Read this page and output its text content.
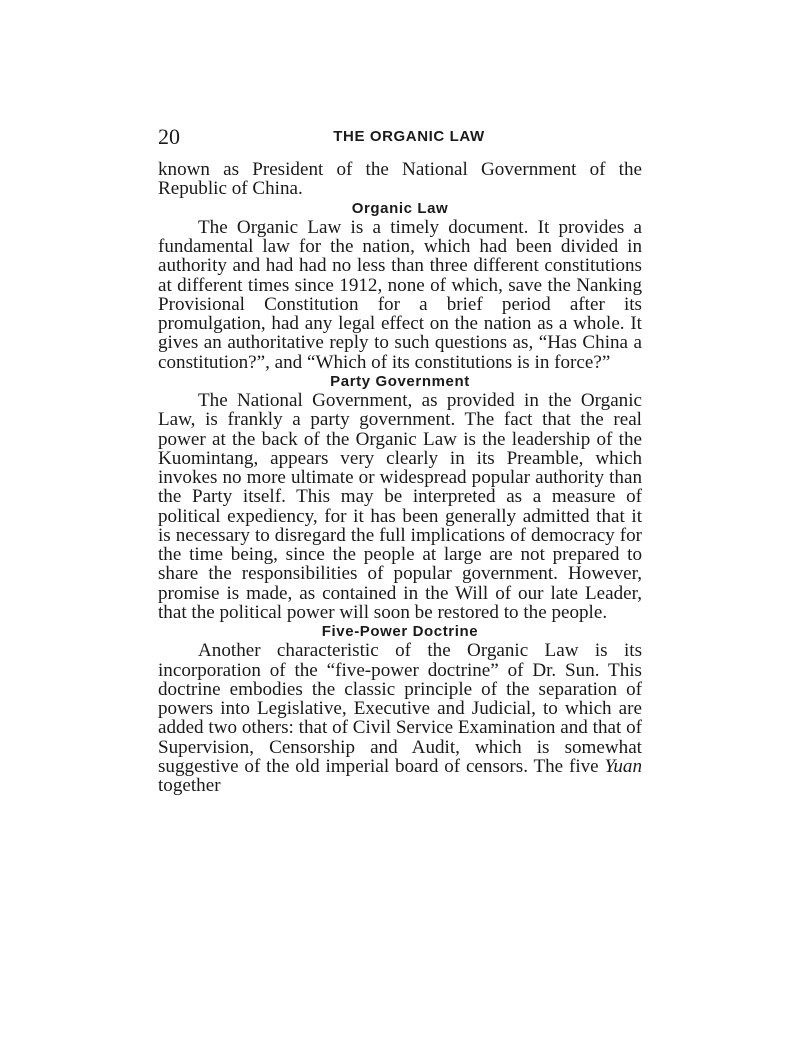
20	THE ORGANIC LAW

known as President of the National Government of the Republic of China.

Organic Law

The Organic Law is a timely document. It provides a fundamental law for the nation, which had been divided in authority and had had no less than three different constitutions at different times since 1912, none of which, save the Nanking Provisional Constitution for a brief period after its promulgation, had any legal effect on the nation as a whole. It gives an authoritative reply to such questions as, “Has China a constitution?”, and “Which of its constitutions is in force?”

Party Government

The National Government, as provided in the Organic Law, is frankly a party government. The fact that the real power at the back of the Organic Law is the leadership of the Kuomintang, appears very clearly in its Preamble, which invokes no more ultimate or widespread popular authority than the Party itself. This may be interpreted as a measure of political expediency, for it has been generally admitted that it is necessary to disregard the full implications of democracy for the time being, since the people at large are not prepared to share the responsibilities of popular government. However, promise is made, as contained in the Will of our late Leader, that the political power will soon be restored to the people.

Five-Power Doctrine

Another characteristic of the Organic Law is its incorporation of the “five-power doctrine” of Dr. Sun. This doctrine embodies the classic principle of the separation of powers into Legislative, Executive and Judicial, to which are added two others: that of Civil Service Examination and that of Supervision, Censorship and Audit, which is somewhat suggestive of the old imperial board of censors. The five Yuan together
